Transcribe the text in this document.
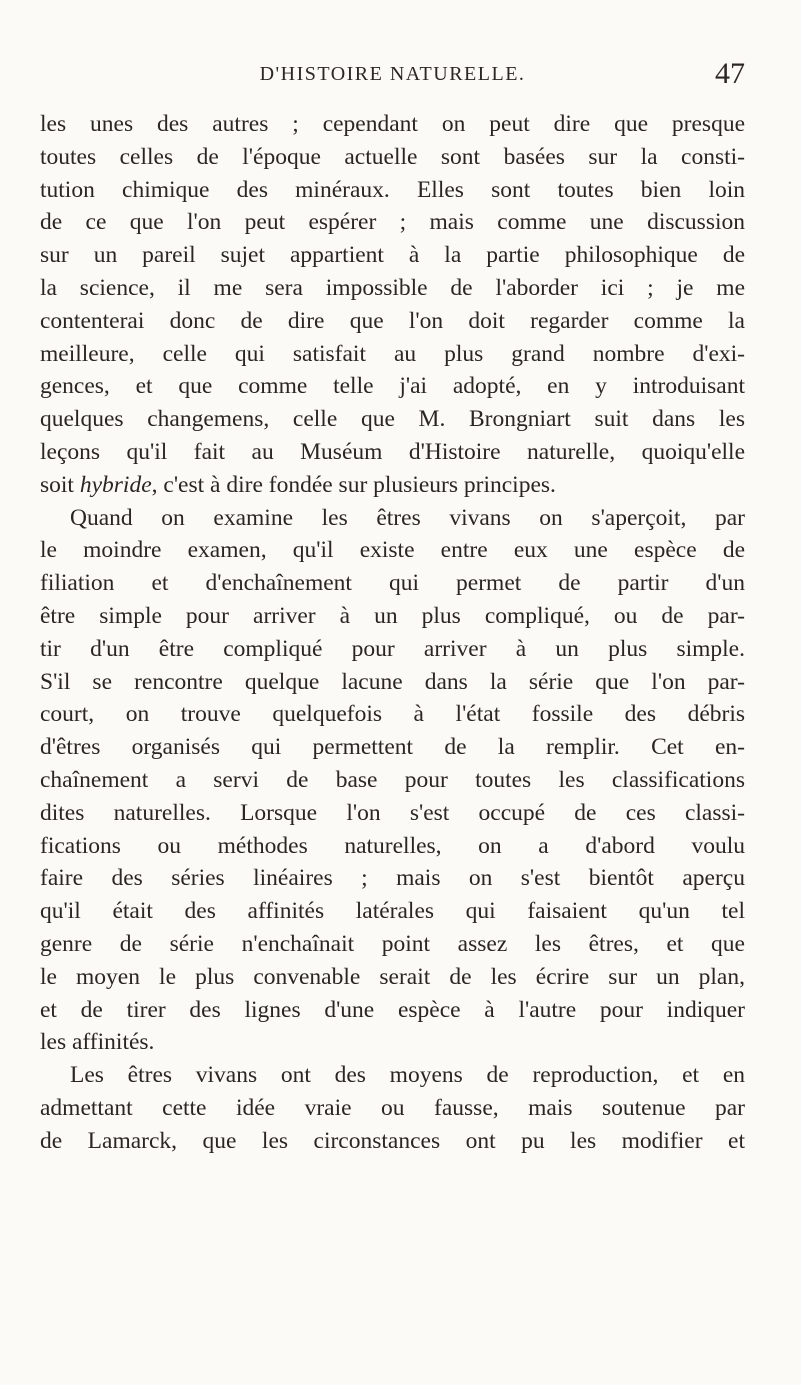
D'HISTOIRE NATURELLE.	47
les unes des autres ; cependant on peut dire que presque
toutes celles de l'époque actuelle sont basées sur la consti-
tution chimique des minéraux. Elles sont toutes bien loin
de ce que l'on peut espérer ; mais comme une discussion
sur un pareil sujet appartient à la partie philosophique de
la science, il me sera impossible de l'aborder ici ; je me
contenterai donc de dire que l'on doit regarder comme la
meilleure, celle qui satisfait au plus grand nombre d'exi-
gences, et que comme telle j'ai adopté, en y introduisant
quelques changemens, celle que M. Brongniart suit dans les
leçons qu'il fait au Muséum d'Histoire naturelle, quoiqu'elle
soit hybride, c'est à dire fondée sur plusieurs principes.
Quand on examine les êtres vivans on s'aperçoit, par
le moindre examen, qu'il existe entre eux une espèce de
filiation et d'enchaînement qui permet de partir d'un
être simple pour arriver à un plus compliqué, ou de par-
tir d'un être compliqué pour arriver à un plus simple.
S'il se rencontre quelque lacune dans la série que l'on par-
court, on trouve quelquefois à l'état fossile des débris
d'êtres organisés qui permettent de la remplir. Cet en-
chaînement a servi de base pour toutes les classifications
dites naturelles. Lorsque l'on s'est occupé de ces classi-
fications ou méthodes naturelles, on a d'abord voulu
faire des séries linéaires ; mais on s'est bientôt aperçu
qu'il était des affinités latérales qui faisaient qu'un tel
genre de série n'enchaînait point assez les êtres, et que
le moyen le plus convenable serait de les écrire sur un plan,
et de tirer des lignes d'une espèce à l'autre pour indiquer
les affinités.
Les êtres vivans ont des moyens de reproduction, et en
admettant cette idée vraie ou fausse, mais soutenue par
de Lamarck, que les circonstances ont pu les modifier et
